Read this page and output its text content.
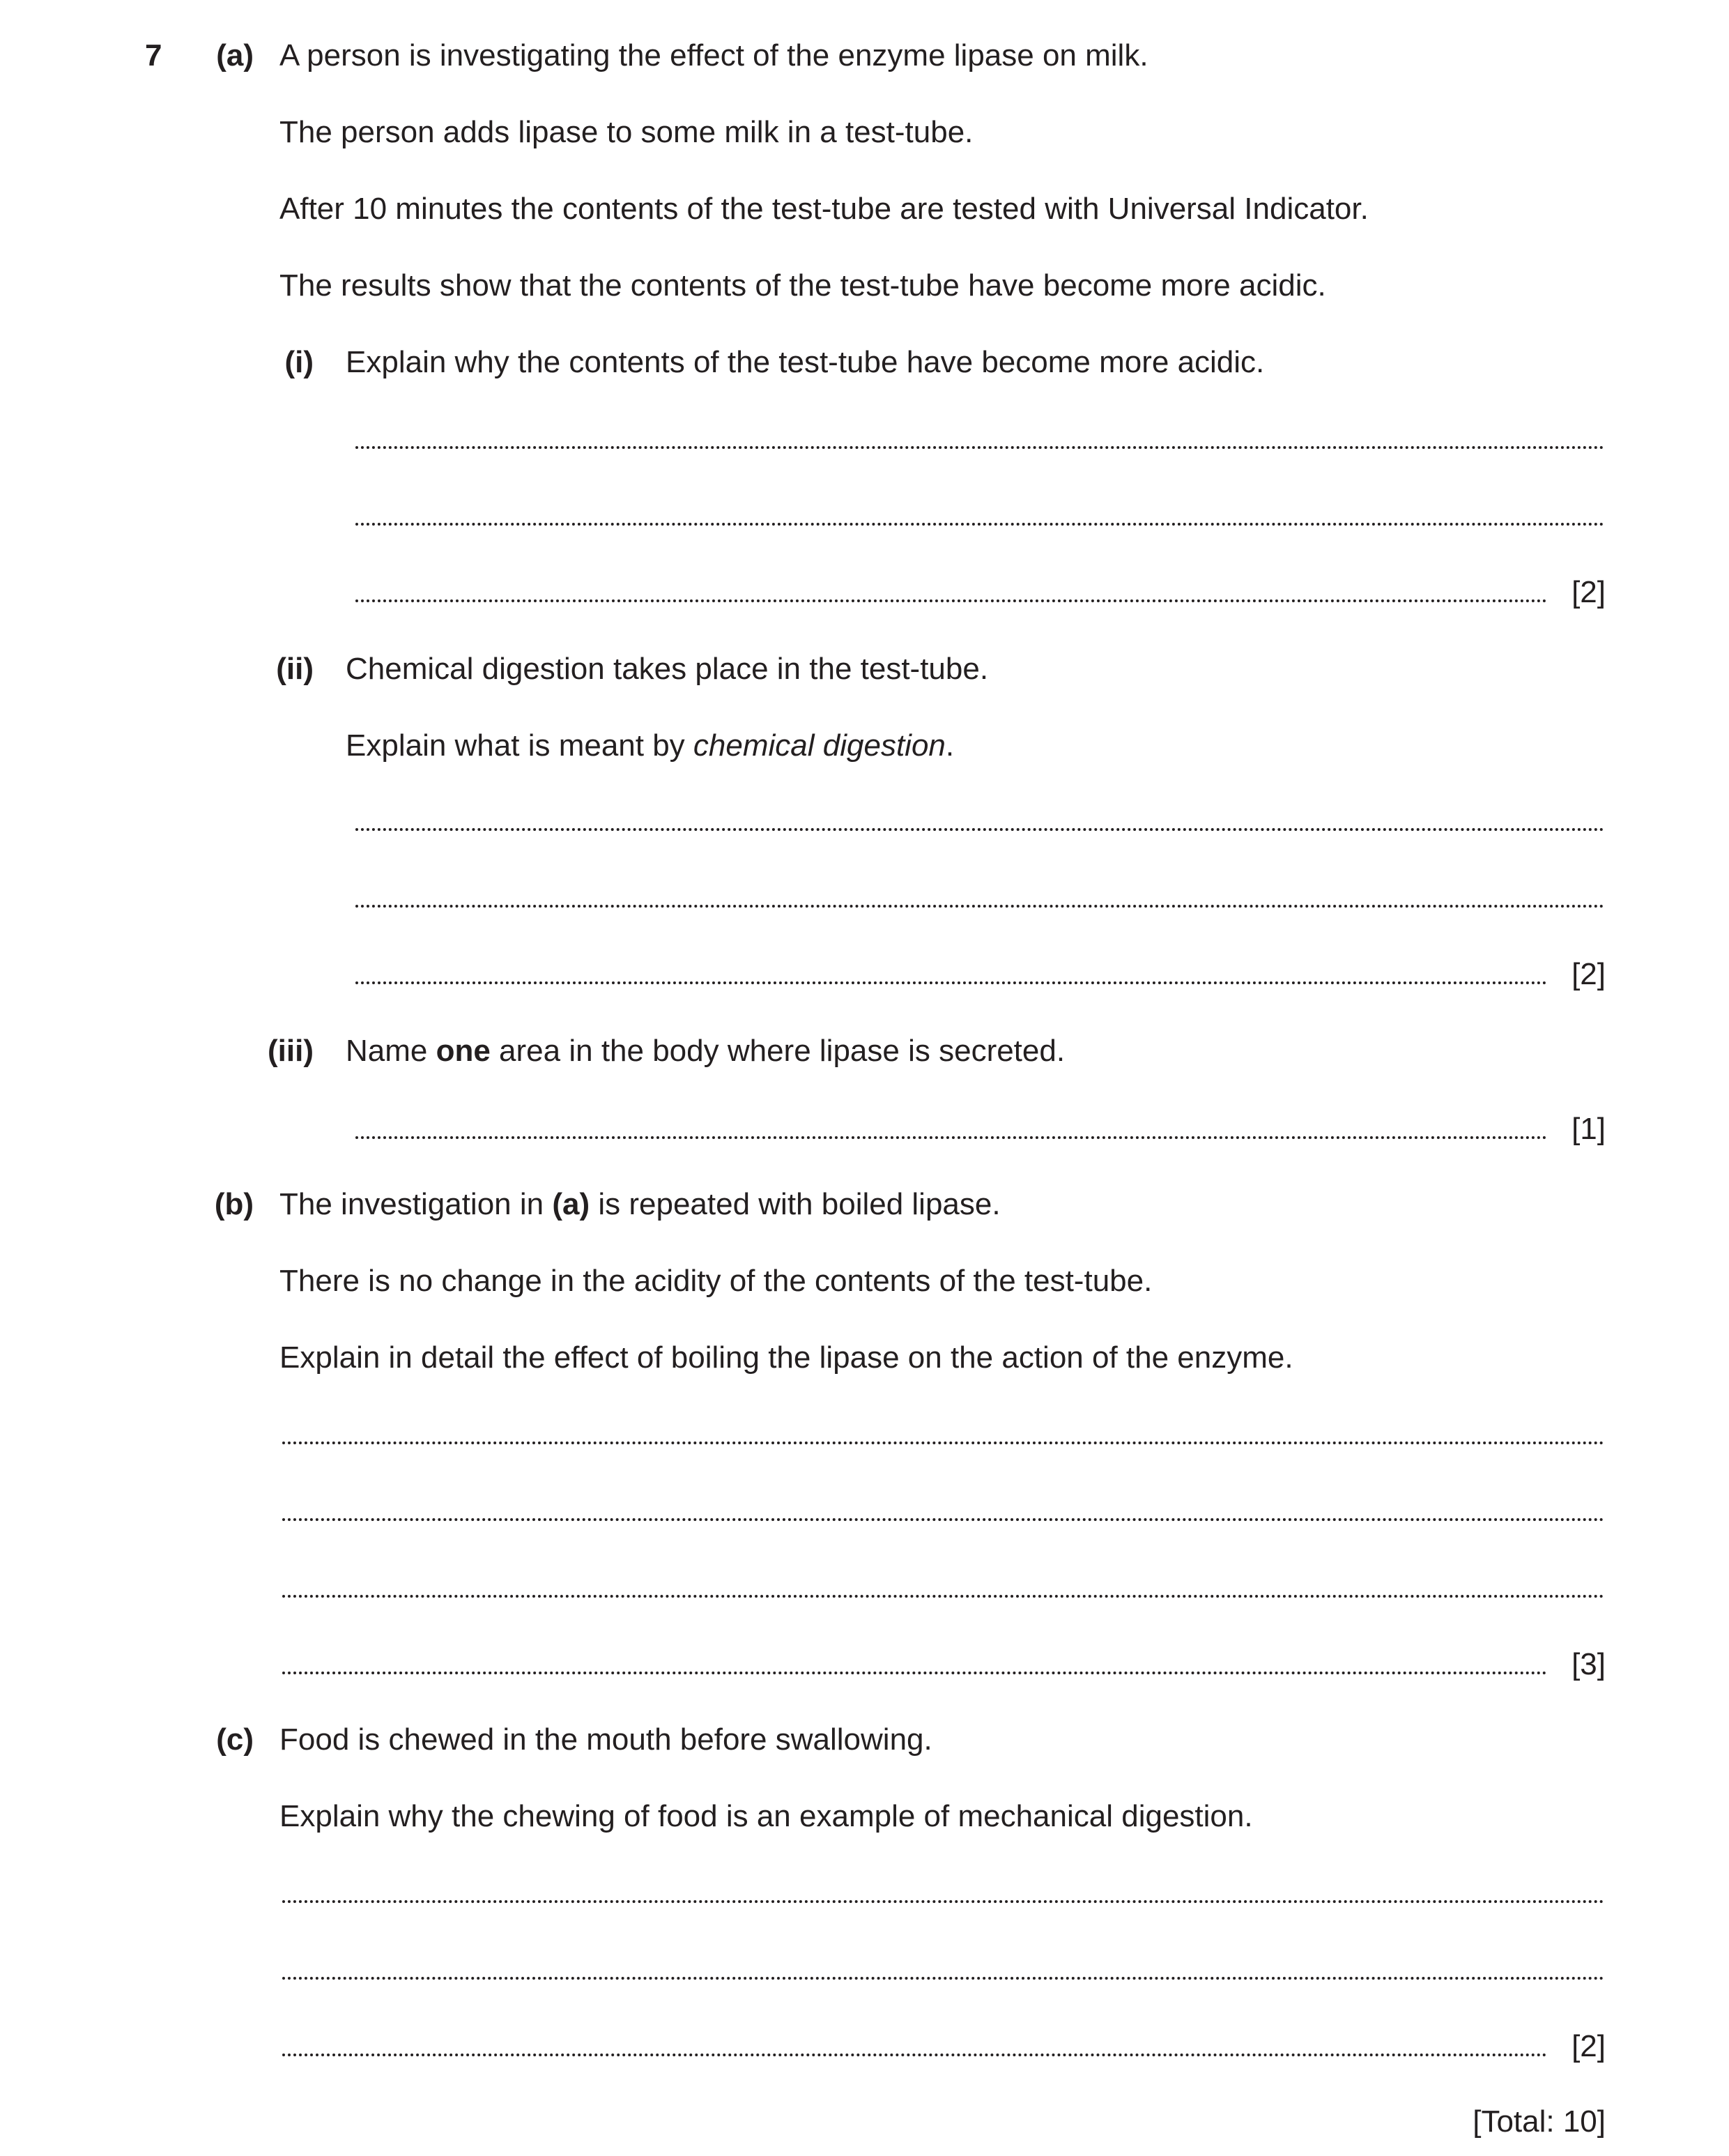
7	(a) A person is investigating the effect of the enzyme lipase on milk.
The person adds lipase to some milk in a test-tube.
After 10 minutes the contents of the test-tube are tested with Universal Indicator.
The results show that the contents of the test-tube have become more acidic.
(i) Explain why the contents of the test-tube have become more acidic.
[2]
(ii) Chemical digestion takes place in the test-tube.
Explain what is meant by chemical digestion.
[2]
(iii) Name one area in the body where lipase is secreted.
[1]
(b) The investigation in (a) is repeated with boiled lipase.
There is no change in the acidity of the contents of the test-tube.
Explain in detail the effect of boiling the lipase on the action of the enzyme.
[3]
(c) Food is chewed in the mouth before swallowing.
Explain why the chewing of food is an example of mechanical digestion.
[2]
[Total: 10]
